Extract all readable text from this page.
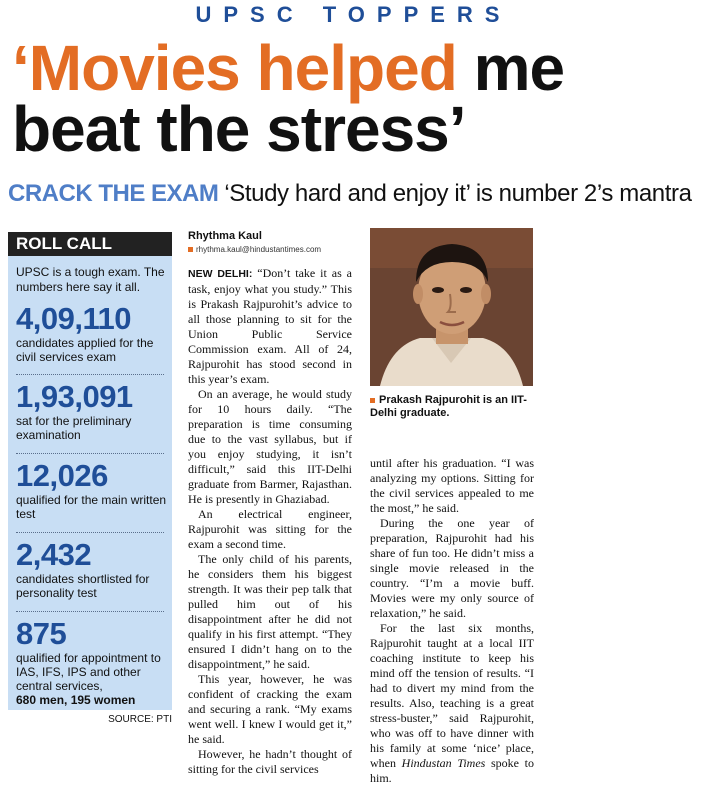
UPSC TOPPERS
‘Movies helped me
beat the stress’
CRACK THE EXAM ‘Study hard and enjoy it’ is number 2’s mantra
ROLL CALL
UPSC is a tough exam. The numbers here say it all.
4,09,110
candidates applied for the civil services exam
1,93,091
sat for the preliminary examination
12,026
qualified for the main written test
2,432
candidates shortlisted for personality test
875
qualified for appointment to IAS, IFS, IPS and other central services,
680 men, 195 women
SOURCE: PTI
Rhythma Kaul
rhythma.kaul@hindustantimes.com

NEW DELHI: “Don’t take it as a task, enjoy what you study.” This is Prakash Rajpurohit’s advice to all those planning to sit for the Union Public Service Commission exam. All of 24, Rajpurohit has stood second in this year’s exam.

On an average, he would study for 10 hours daily. “The preparation is time consuming due to the vast syllabus, but if you enjoy studying, it isn’t difficult,” said this IIT-Delhi graduate from Barmer, Rajasthan. He is presently in Ghaziabad.

An electrical engineer, Rajpurohit was sitting for the exam a second time.

The only child of his parents, he considers them his biggest strength. It was their pep talk that pulled him out of his disappointment after he did not qualify in his first attempt. “They ensured I didn’t hang on to the disappointment,” he said.

This year, however, he was confident of cracking the exam and securing a rank. “My exams went well. I knew I would get it,” he said.

However, he hadn’t thought of sitting for the civil services

Prakash Rajpurohit is an IIT-Delhi graduate.

until after his graduation. “I was analyzing my options. Sitting for the civil services appealed to me the most,” he said.

During the one year of preparation, Rajpurohit had his share of fun too. He didn’t miss a single movie released in the country. “I’m a movie buff. Movies were my only source of relaxation,” he said.

For the last six months, Rajpurohit taught at a local IIT coaching institute to keep his mind off the tension of results. “I had to divert my mind from the results. Also, teaching is a great stress-buster,” said Rajpurohit, who was off to have dinner with his family at some ‘nice’ place, when Hindustan Times spoke to him.
